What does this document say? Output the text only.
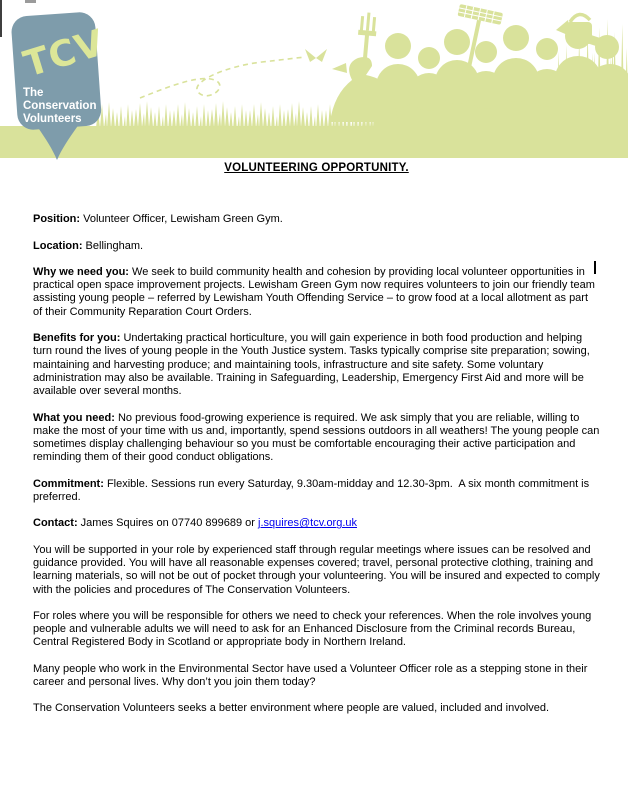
TCV
The
Conservation
Volunteers
VOLUNTEERING OPPORTUNITY.

Position: Volunteer Officer, Lewisham Green Gym.

Location: Bellingham.

Why we need you: We seek to build community health and cohesion by providing local volunteer opportunities in practical open space improvement projects. Lewisham Green Gym now requires volunteers to join our friendly team assisting young people – referred by Lewisham Youth Offending Service – to grow food at a local allotment as part of their Community Reparation Court Orders.

Benefits for you: Undertaking practical horticulture, you will gain experience in both food production and helping turn round the lives of young people in the Youth Justice system. Tasks typically comprise site preparation; sowing, maintaining and harvesting produce; and maintaining tools, infrastructure and site safety. Some voluntary administration may also be available. Training in Safeguarding, Leadership, Emergency First Aid and more will be available over several months.

What you need: No previous food-growing experience is required. We ask simply that you are reliable, willing to make the most of your time with us and, importantly, spend sessions outdoors in all weathers! The young people can sometimes display challenging behaviour so you must be comfortable encouraging their active participation and reminding them of their good conduct obligations.

Commitment: Flexible. Sessions run every Saturday, 9.30am-midday and 12.30-3pm.  A six month commitment is preferred.

Contact: James Squires on 07740 899689 or j.squires@tcv.org.uk

You will be supported in your role by experienced staff through regular meetings where issues can be resolved and guidance provided. You will have all reasonable expenses covered; travel, personal protective clothing, training and learning materials, so will not be out of pocket through your volunteering. You will be insured and expected to comply with the policies and procedures of The Conservation Volunteers.

For roles where you will be responsible for others we need to check your references. When the role involves young people and vulnerable adults we will need to ask for an Enhanced Disclosure from the Criminal records Bureau, Central Registered Body in Scotland or appropriate body in Northern Ireland.

Many people who work in the Environmental Sector have used a Volunteer Officer role as a stepping stone in their career and personal lives. Why don’t you join them today?

The Conservation Volunteers seeks a better environment where people are valued, included and involved.
